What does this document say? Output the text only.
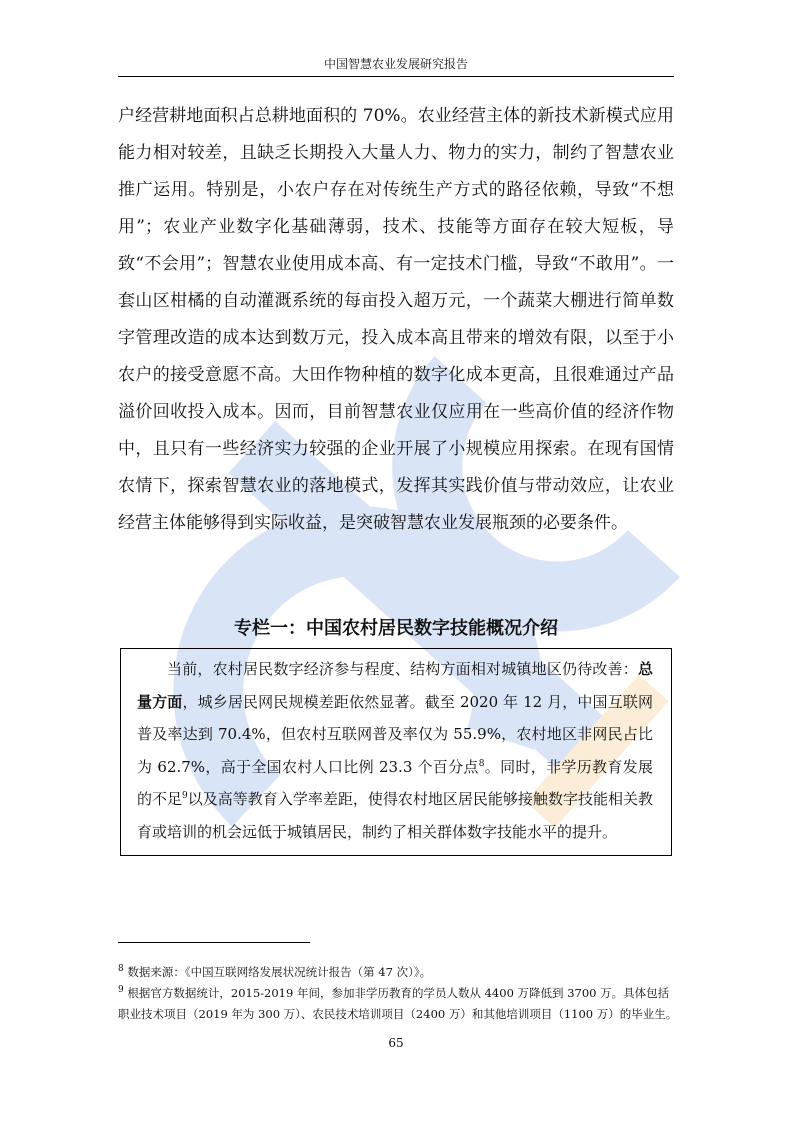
中国智慧农业发展研究报告

户经营耕地面积占总耕地面积的 70%。农业经营主体的新技术新模式应用能力相对较差，且缺乏长期投入大量人力、物力的实力，制约了智慧农业推广运用。特别是，小农户存在对传统生产方式的路径依赖，导致“不想用”；农业产业数字化基础薄弱，技术、技能等方面存在较大短板，导致“不会用”；智慧农业使用成本高、有一定技术门槛，导致“不敢用”。一套山区柑橘的自动灌溉系统的每亩投入超万元，一个蔬菜大棚进行简单数字管理改造的成本达到数万元，投入成本高且带来的增效有限，以至于小农户的接受意愿不高。大田作物种植的数字化成本更高，且很难通过产品溢价回收投入成本。因而，目前智慧农业仅应用在一些高价值的经济作物中，且只有一些经济实力较强的企业开展了小规模应用探索。在现有国情农情下，探索智慧农业的落地模式，发挥其实践价值与带动效应，让农业经营主体能够得到实际收益，是突破智慧农业发展瓶颈的必要条件。

专栏一：中国农村居民数字技能概况介绍

当前，农村居民数字经济参与程度、结构方面相对城镇地区仍待改善：总量方面，城乡居民网民规模差距依然显著。截至 2020 年 12 月，中国互联网普及率达到 70.4%，但农村互联网普及率仅为 55.9%，农村地区非网民占比为 62.7%，高于全国农村人口比例 23.3 个百分点$^8$。同时，非学历教育发展的不足$^9$以及高等教育入学率差距，使得农村地区居民能够接触数字技能相关教育或培训的机会远低于城镇居民，制约了相关群体数字技能水平的提升。

$^8$ 数据来源：《中国互联网络发展状况统计报告（第 47 次）》。

$^9$ 根据官方数据统计，2015-2019 年间，参加非学历教育的学员人数从 4400 万降低到 3700 万。具体包括职业技术项目（2019 年为 300 万）、农民技术培训项目（2400 万）和其他培训项目（1100 万）的毕业生。

65
